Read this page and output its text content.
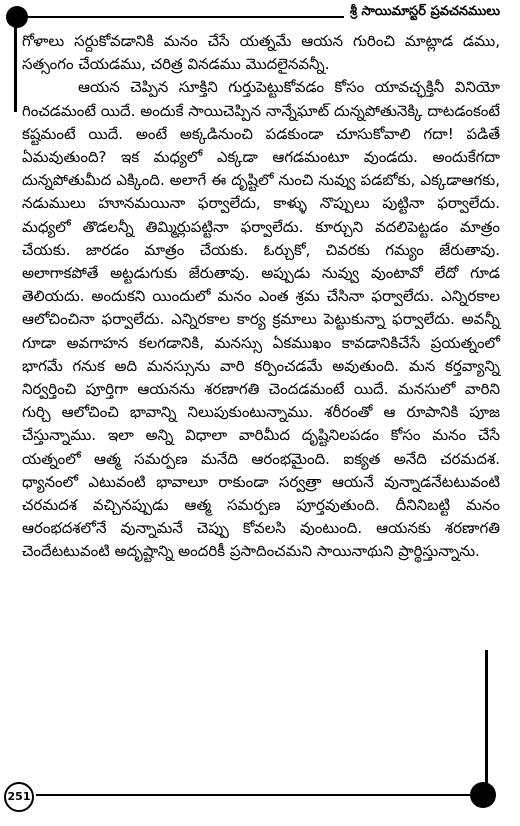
శ్రీ సాయిమాస్టర్ ప్రవచనములు

గోళాలు సర్దుకోవడానికి మనం చేసే యత్నమే ఆయన గురించి మాట్లాడ డము, సత్సంగం చేయడము, చరిత్ర వినడము మొదలైనవన్నీ.

ఆయన చెప్పిన సూక్తిని గుర్తుపెట్టుకోవడం కోసం యావచ్ఛక్తినీ వినియో గించడమంటే యిదే. అందుకే సాయిచెప్పిన నాన్నేఘాట్ దున్నపోతునెక్కి దాటడంకంటే కష్టమంటే యిదే. అంటే అక్కడినుంచి పడకుండా చూసుకోవాలి గదా! పడితే ఏమవుతుంది? ఇక మధ్యలో ఎక్కడా ఆగడమంటూ వుండదు. అందుకేగదా దున్నపోతుమీద ఎక్కింది. అలాగే ఈ దృష్టిలో నుంచి నువ్వు పడబోకు, ఎక్కడాఆగకు, నడుములు హూనమయినా ఫర్వాలేదు, కాళ్ళు నొప్పులు పుట్టినా ఫర్వాలేదు. మధ్యలో తొడలన్నీ తిమ్మిర్లుపట్టినా ఫర్వాలేదు. కూర్చుని వదలిపెట్టడం మాత్రం చేయకు. జారడం మాత్రం చేయకు. ఓర్చుకో, చివరకు గమ్యం జేరుతావు. అలాగాకపోతే అట్టడుగుకు జేరుతావు. అప్పుడు నువ్వు వుంటావో లేదో గూడ తెలియదు. అందుకని యిందులో మనం ఎంత శ్రమ చేసినా ఫర్వాలేదు. ఎన్నిరకాల ఆలోచించినా ఫర్వాలేదు. ఎన్నిరకాల కార్య క్రమాలు పెట్టుకున్నా ఫర్వాలేదు. అవన్నీ గూడా అవగాహన కలగడానికి, మనస్సు ఏకముఖం కావడానికిచేసే ప్రయత్నంలో భాగమే గనుక అది మనస్సును వారి కర్పించడమే అవుతుంది. మన కర్తవ్యాన్ని నిర్వర్తించి పూర్తిగా ఆయనను శరణాగతి చెందడమంటే యిదే. మనసులో వారిని గుర్చి ఆలోచించి భావాన్ని నిలుపుకుంటున్నాము. శరీరంతో ఆ రూపానికి పూజ చేస్తున్నాము. ఇలా అన్ని విధాలా వారిమీద దృష్టినిలపడం కోసం మనం చేసే యత్నంలో ఆత్మ సమర్పణ మనేది ఆరంభమైంది. ఐక్యత అనేది చరమదశ. ధ్యానంలో ఎటువంటి భావాలూ రాకుండా సర్వత్రా ఆయనే వున్నాడనేటటువంటి చరమదశ వచ్చినప్పుడు ఆత్మ సమర్పణ పూర్తవుతుంది. దీనినిబట్టి మనం ఆరంభదశలోనే వున్నామనే చెప్పు కోవలసి వుంటుంది. ఆయనకు శరణాగతి చెందేటటువంటి అదృష్టాన్ని అందరికీ ప్రసాదించమని సాయినాథుని ప్రార్థిస్తున్నాను.

251
